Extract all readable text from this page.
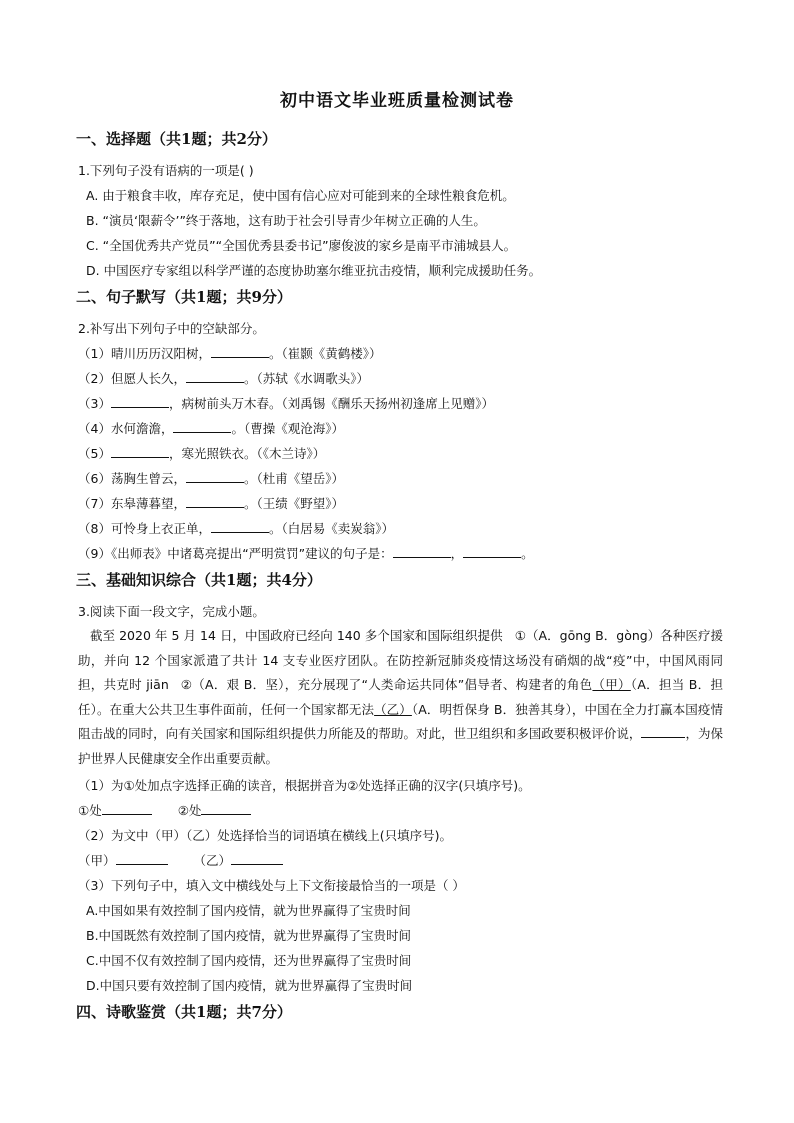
初中语文毕业班质量检测试卷
一、选择题（共1题；共2分）
1.下列句子没有语病的一项是( )
A. 由于粮食丰收，库存充足，使中国有信心应对可能到来的全球性粮食危机。
B. “演员‘限薪令’”终于落地，这有助于社会引导青少年树立正确的人生。
C. “全国优秀共产党员”“全国优秀县委书记”廖俊波的家乡是南平市浦城县人。
D. 中国医疗专家组以科学严谨的态度协助塞尔维亚抗击疫情，顺利完成援助任务。
二、句子默写（共1题；共9分）
2.补写出下列句子中的空缺部分。
（1）晴川历历汉阳树，	。（崔颢《黄鹤楼》）
（2）但愿人长久，	。（苏轼《水调歌头》）
（3）	，病树前头万木春。（刘禹锡《酬乐天扬州初逢席上见赠》）
（4）水何澹澹，	。（曹操《观沧海》）
（5）	，寒光照铁衣。（《木兰诗》）
（6）荡胸生曾云，	。（杜甫《望岳》）
（7）东皋薄暮望，	。（王绩《野望》）
（8）可怜身上衣正单，	。（白居易《卖炭翁》）
（9）《出师表》中诸葛亮提出“严明赏罚”建议的句子是：	，	。
三、基础知识综合（共1题；共4分）
3.阅读下面一段文字，完成小题。
截至 2020 年 5 月 14 日，中国政府已经向 140 多个国家和国际组织提供 ①（A．gōng B．gòng）各种医疗援助，并向 12 个国家派遣了共计 14 支专业医疗团队。在防控新冠肺炎疫情这场没有硝烟的战“疫”中，中国风雨同担，共克时 jiān ②（A．艰 B．坚），充分展现了“人类命运共同体”倡导者、构建者的角色（甲）（A．担当 B．担任）。在重大公共卫生事件面前，任何一个国家都无法（乙）（A．明哲保身 B．独善其身），中国在全力打赢本国疫情阻击战的同时，向有关国家和国际组织提供力所能及的帮助。对此，世卫组织和多国政要积极评价说，	，为保护世界人民健康安全作出重要贡献。
（1）为①处加点字选择正确的读音，根据拼音为②处选择正确的汉字(只填序号)。
①处	②处
（2）为文中（甲）（乙）处选择恰当的词语填在横线上(只填序号)。
（甲）	（乙）
（3）下列句子中，填入文中横线处与上下文衔接最恰当的一项是（ ）
A.中国如果有效控制了国内疫情，就为世界赢得了宝贵时间
B.中国既然有效控制了国内疫情，就为世界赢得了宝贵时间
C.中国不仅有效控制了国内疫情，还为世界赢得了宝贵时间
D.中国只要有效控制了国内疫情，就为世界赢得了宝贵时间
四、诗歌鉴赏（共1题；共7分）
